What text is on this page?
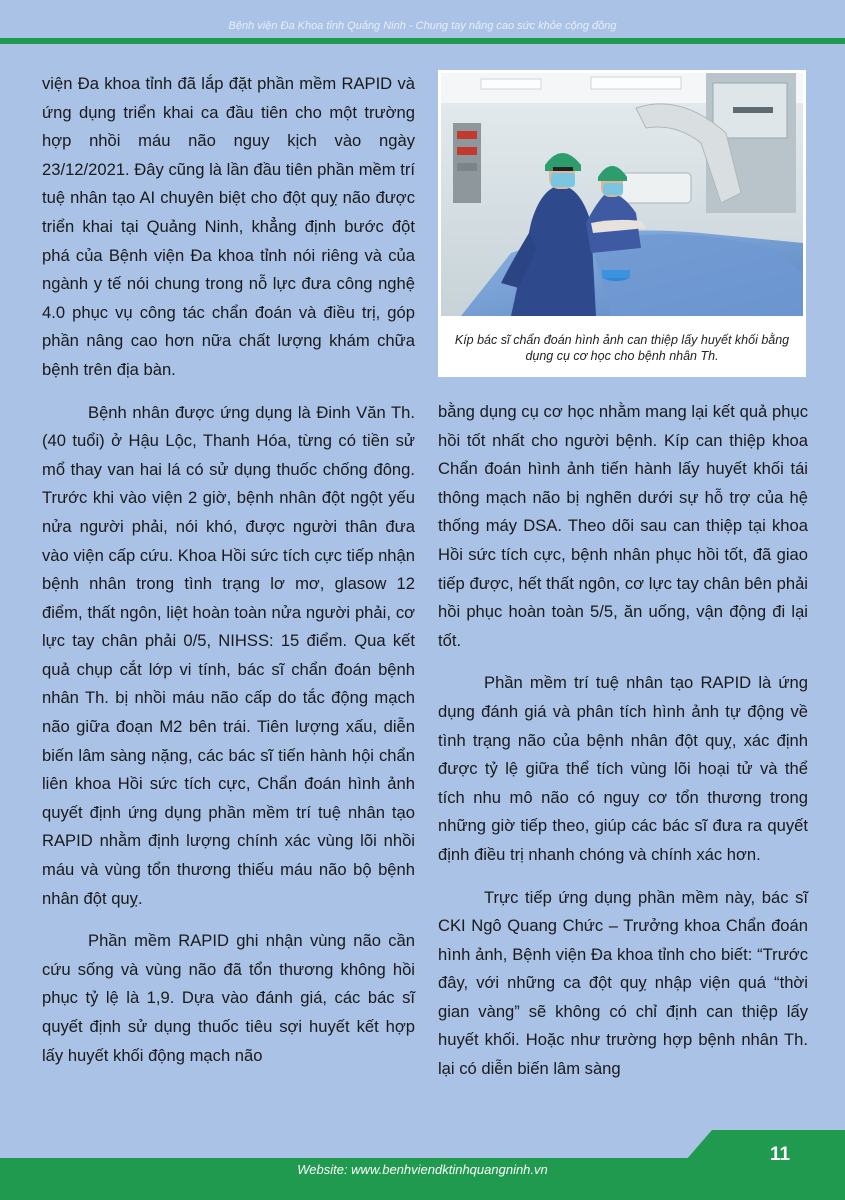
Bệnh viện Đa Khoa tỉnh Quảng Ninh - Chung tay nâng cao sức khỏe cộng đồng

viện Đa khoa tỉnh đã lắp đặt phần mềm RAPID và ứng dụng triển khai ca đầu tiên cho một trường hợp nhồi máu não nguy kịch vào ngày 23/12/2021. Đây cũng là lần đầu tiên phần mềm trí tuệ nhân tạo AI chuyên biệt cho đột quỵ não được triển khai tại Quảng Ninh, khẳng định bước đột phá của Bệnh viện Đa khoa tỉnh nói riêng và của ngành y tế nói chung trong nỗ lực đưa công nghệ 4.0 phục vụ công tác chẩn đoán và điều trị, góp phần nâng cao hơn nữa chất lượng khám chữa bệnh trên địa bàn.

Bệnh nhân được ứng dụng là Đinh Văn Th. (40 tuổi) ở Hậu Lộc, Thanh Hóa, từng có tiền sử mổ thay van hai lá có sử dụng thuốc chống đông. Trước khi vào viện 2 giờ, bệnh nhân đột ngột yếu nửa người phải, nói khó, được người thân đưa vào viện cấp cứu. Khoa Hồi sức tích cực tiếp nhận bệnh nhân trong tình trạng lơ mơ, glasow 12 điểm, thất ngôn, liệt hoàn toàn nửa người phải, cơ lực tay chân phải 0/5, NIHSS: 15 điểm. Qua kết quả chụp cắt lớp vi tính, bác sĩ chẩn đoán bệnh nhân Th. bị nhồi máu não cấp do tắc động mạch não giữa đoạn M2 bên trái. Tiên lượng xấu, diễn biến lâm sàng nặng, các bác sĩ tiến hành hội chẩn liên khoa Hồi sức tích cực, Chẩn đoán hình ảnh quyết định ứng dụng phần mềm trí tuệ nhân tạo RAPID nhằm định lượng chính xác vùng lõi nhồi máu và vùng tổn thương thiếu máu não bộ bệnh nhân đột quỵ.

Phần mềm RAPID ghi nhận vùng não cần cứu sống và vùng não đã tổn thương không hồi phục tỷ lệ là 1,9. Dựa vào đánh giá, các bác sĩ quyết định sử dụng thuốc tiêu sợi huyết kết hợp lấy huyết khối động mạch não

Kíp bác sĩ chẩn đoán hình ảnh can thiệp lấy huyết khối bằng dụng cụ cơ học cho bệnh nhân Th.

bằng dụng cụ cơ học nhằm mang lại kết quả phục hồi tốt nhất cho người bệnh. Kíp can thiệp khoa Chẩn đoán hình ảnh tiến hành lấy huyết khối tái thông mạch não bị nghẽn dưới sự hỗ trợ của hệ thống máy DSA. Theo dõi sau can thiệp tại khoa Hồi sức tích cực, bệnh nhân phục hồi tốt, đã giao tiếp được, hết thất ngôn, cơ lực tay chân bên phải hồi phục hoàn toàn 5/5, ăn uống, vận động đi lại tốt.

Phần mềm trí tuệ nhân tạo RAPID là ứng dụng đánh giá và phân tích hình ảnh tự động về tình trạng não của bệnh nhân đột quỵ, xác định được tỷ lệ giữa thể tích vùng lõi hoại tử và thể tích nhu mô não có nguy cơ tổn thương trong những giờ tiếp theo, giúp các bác sĩ đưa ra quyết định điều trị nhanh chóng và chính xác hơn.

Trực tiếp ứng dụng phần mềm này, bác sĩ CKI Ngô Quang Chức – Trưởng khoa Chẩn đoán hình ảnh, Bệnh viện Đa khoa tỉnh cho biết: “Trước đây, với những ca đột quỵ nhập viện quá “thời gian vàng” sẽ không có chỉ định can thiệp lấy huyết khối. Hoặc như trường hợp bệnh nhân Th. lại có diễn biến lâm sàng

11
Website: www.benhviendktinhquangninh.vn
